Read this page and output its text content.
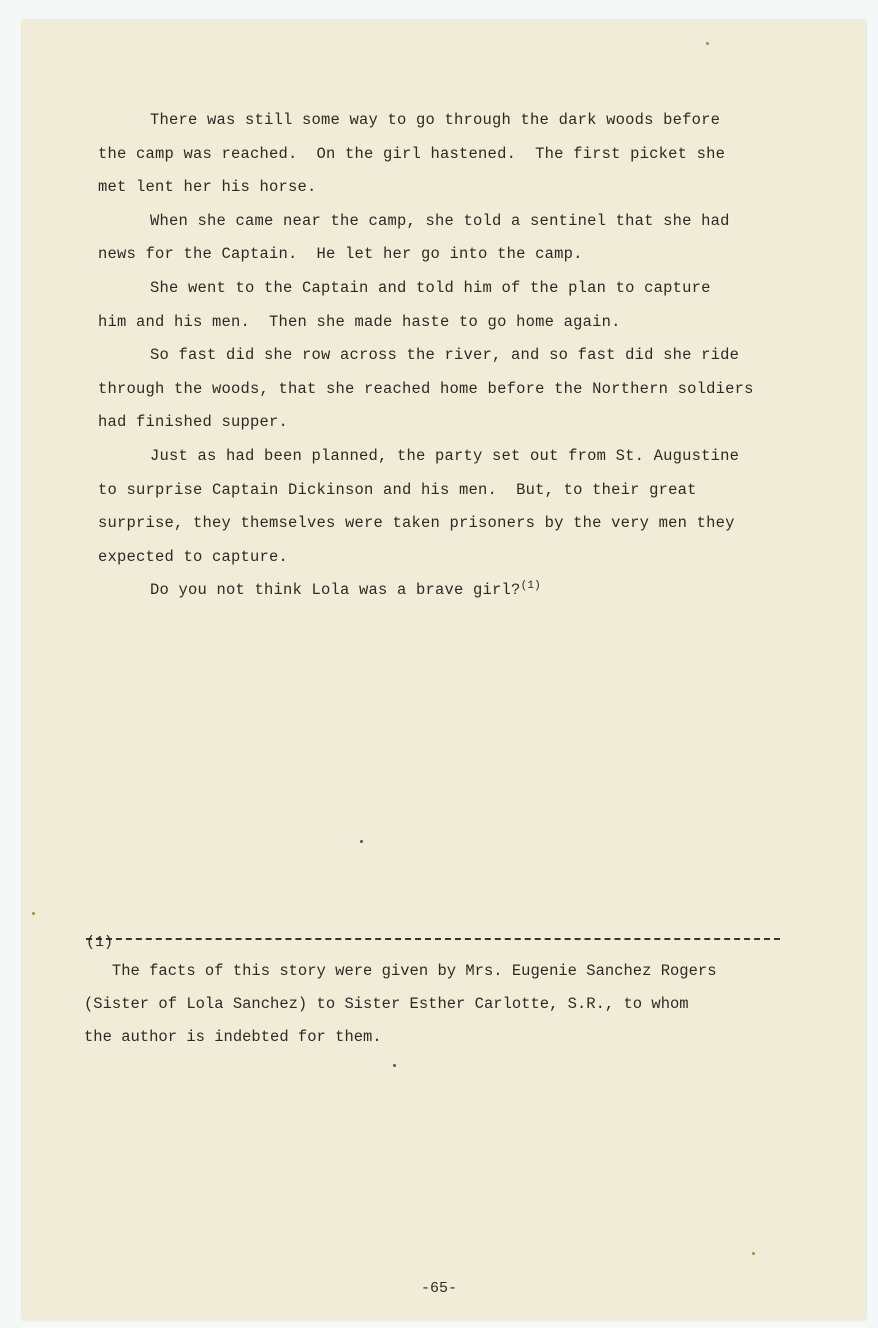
There was still some way to go through the dark woods before
the camp was reached.  On the girl hastened.  The first picket she
met lent her his horse.

When she came near the camp, she told a sentinel that she had
news for the Captain.  He let her go into the camp.

She went to the Captain and told him of the plan to capture
him and his men.  Then she made haste to go home again.

So fast did she row across the river, and so fast did she ride
through the woods, that she reached home before the Northern soldiers
had finished supper.

Just as had been planned, the party set out from St. Augustine
to surprise Captain Dickinson and his men.  But, to their great
surprise, they themselves were taken prisoners by the very men they
expected to capture.

Do you not think Lola was a brave girl?$^{(1)}$

(1)
The facts of this story were given by Mrs. Eugenie Sanchez Rogers
(Sister of Lola Sanchez) to Sister Esther Carlotte, S.R., to whom
the author is indebted for them.
-65-
